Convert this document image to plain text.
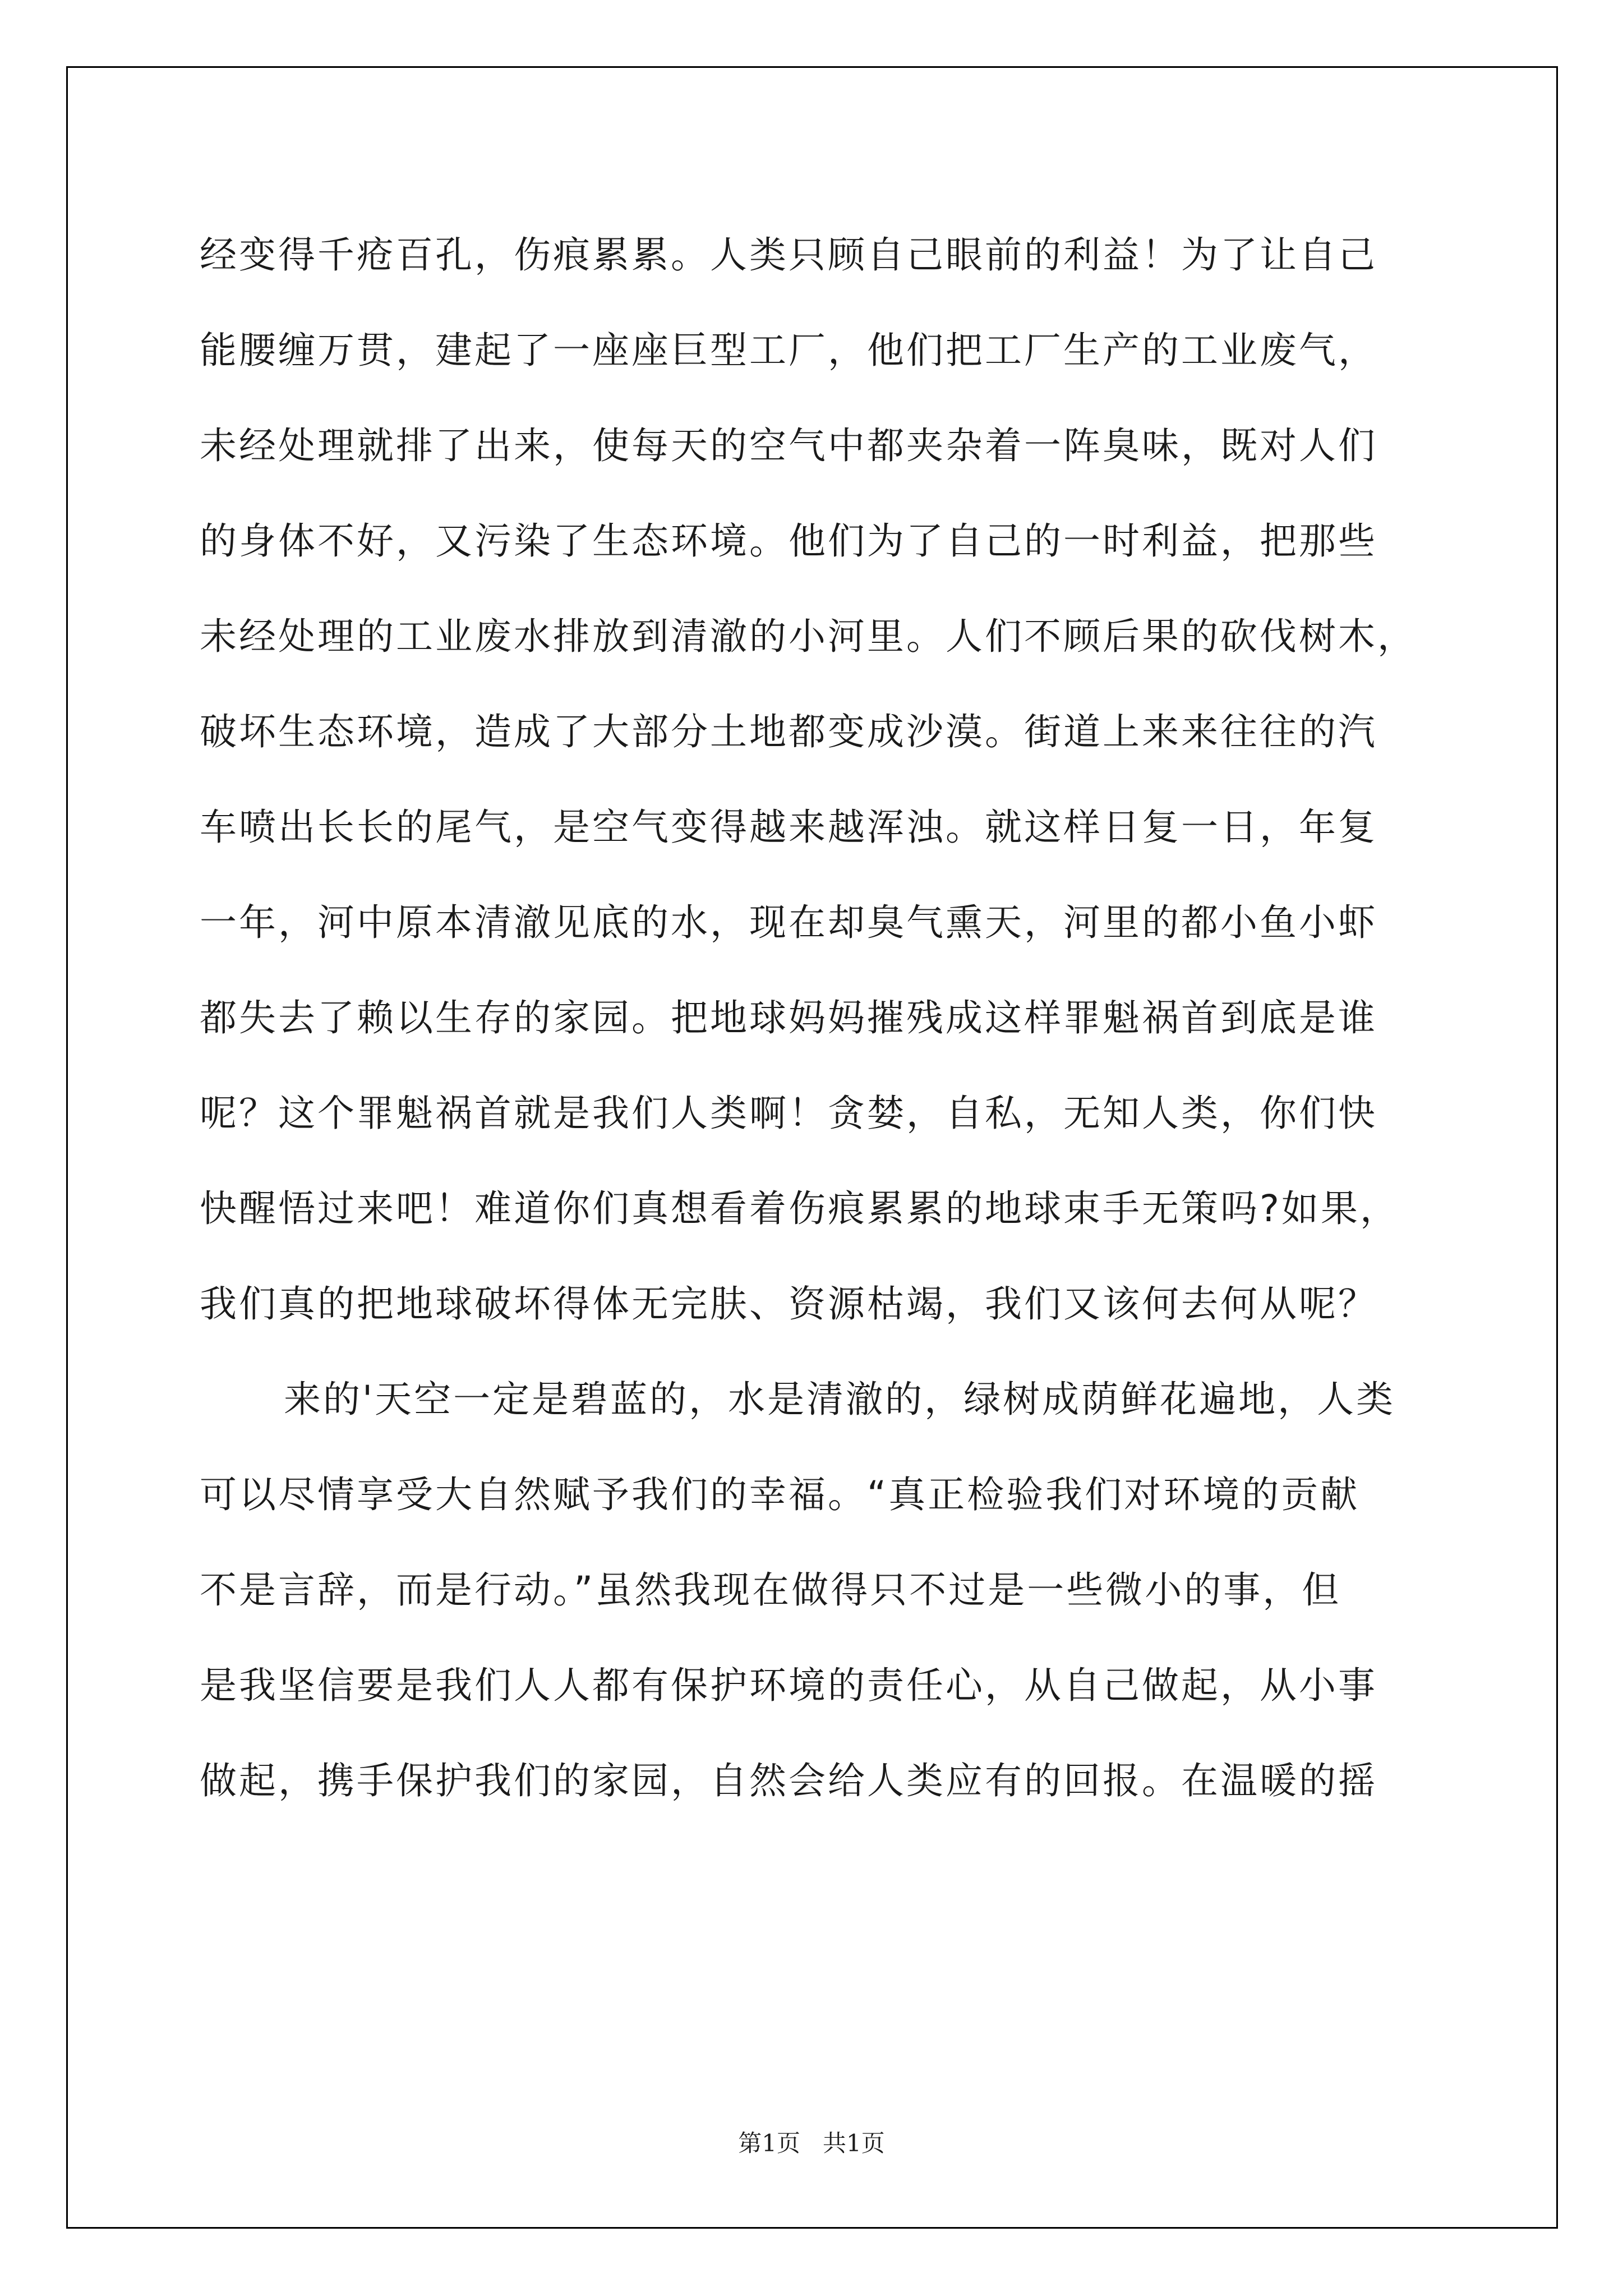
经变得千疮百孔，伤痕累累。人类只顾自己眼前的利益！为了让自己
能腰缠万贯，建起了一座座巨型工厂，他们把工厂生产的工业废气，
未经处理就排了出来，使每天的空气中都夹杂着一阵臭味，既对人们
的身体不好，又污染了生态环境。他们为了自己的一时利益，把那些
未经处理的工业废水排放到清澈的小河里。人们不顾后果的砍伐树木，
破坏生态环境，造成了大部分土地都变成沙漠。街道上来来往往的汽
车喷出长长的尾气，是空气变得越来越浑浊。就这样日复一日，年复
一年，河中原本清澈见底的水，现在却臭气熏天，河里的都小鱼小虾
都失去了赖以生存的家园。把地球妈妈摧残成这样罪魁祸首到底是谁
呢？这个罪魁祸首就是我们人类啊！贪婪，自私，无知人类，你们快
快醒悟过来吧！难道你们真想看着伤痕累累的地球束手无策吗?如果，
我们真的把地球破坏得体无完肤、资源枯竭，我们又该何去何从呢？
来的'天空一定是碧蓝的，水是清澈的，绿树成荫鲜花遍地，人类
可以尽情享受大自然赋予我们的幸福。“真正检验我们对环境的贡献
不是言辞，而是行动。”虽然我现在做得只不过是一些微小的事，但
是我坚信要是我们人人都有保护环境的责任心，从自己做起，从小事
做起，携手保护我们的家园，自然会给人类应有的回报。在温暖的摇
第1页 共1页
